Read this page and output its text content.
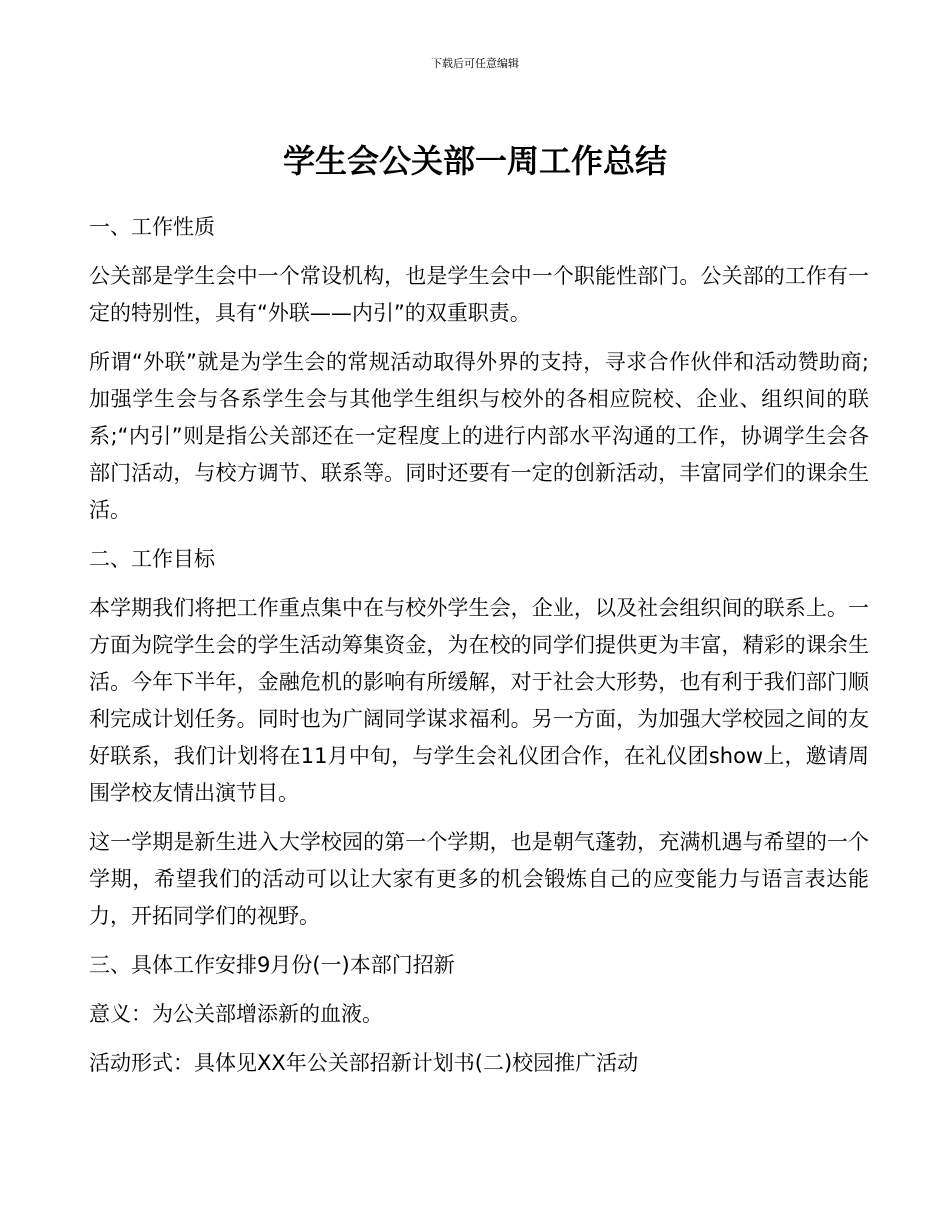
下载后可任意编辑
学生会公关部一周工作总结

一、工作性质

公关部是学生会中一个常设机构，也是学生会中一个职能性部门。公关部的工作有一定的特别性，具有“外联——内引”的双重职责。

所谓“外联”就是为学生会的常规活动取得外界的支持，寻求合作伙伴和活动赞助商;加强学生会与各系学生会与其他学生组织与校外的各相应院校、企业、组织间的联系;“内引”则是指公关部还在一定程度上的进行内部水平沟通的工作，协调学生会各部门活动，与校方调节、联系等。同时还要有一定的创新活动，丰富同学们的课余生活。

二、工作目标

本学期我们将把工作重点集中在与校外学生会，企业，以及社会组织间的联系上。一方面为院学生会的学生活动筹集资金，为在校的同学们提供更为丰富，精彩的课余生活。今年下半年，金融危机的影响有所缓解，对于社会大形势，也有利于我们部门顺利完成计划任务。同时也为广阔同学谋求福利。另一方面，为加强大学校园之间的友好联系，我们计划将在11月中旬，与学生会礼仪团合作，在礼仪团show上，邀请周围学校友情出演节目。

这一学期是新生进入大学校园的第一个学期，也是朝气蓬勃，充满机遇与希望的一个学期，希望我们的活动可以让大家有更多的机会锻炼自己的应变能力与语言表达能力，开拓同学们的视野。

三、具体工作安排9月份(一)本部门招新

意义：为公关部增添新的血液。

活动形式：具体见XX年公关部招新计划书(二)校园推广活动
